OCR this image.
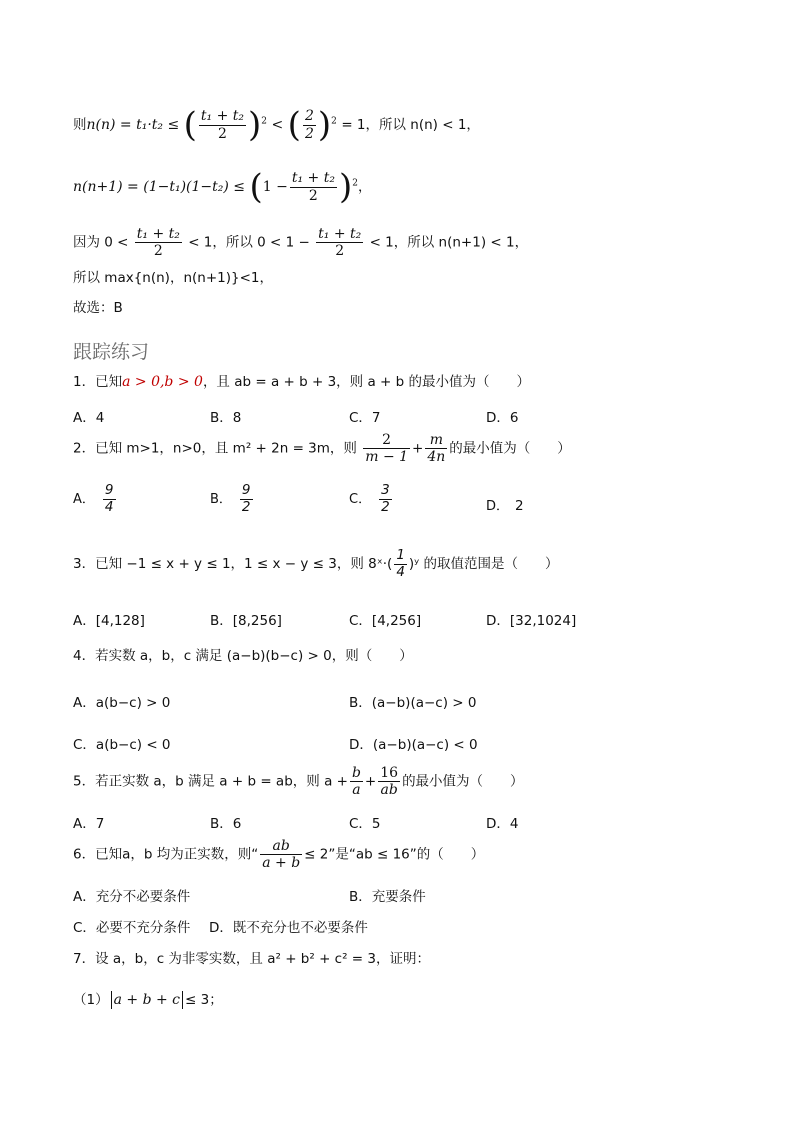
则n(n) = t₁·t₂ ≤ ( $\frac{\text{t₁ + t₂}}{2} )^2$ < ( $\frac{2}{2} )^2 = 1$，所以 n(n) < 1，
$n(n+1) = (1-t_1)(1-t_2) \le (1 - \frac{\text{t₁ + t₂}}{2} )^2$，
因为 $0 < \frac{\text{t₁ + t₂}}{2} < 1$，所以 $0 < 1 - \frac{\text{t₁ + t₂}}{2} < 1$，所以 n(n+1) < 1，
所以 max{n(n)，n(n+1)}<1，
故选：B
跟踪练习
1．已知a > 0,b > 0，且 ab = a + b + 3，则 a + b 的最小值为（　　）
A．4	B．8	C．7	D．6
2．已知 m>1，n>0，且 m² + 2n = 3m，则 $\frac{2}{m - 1} + \frac{m}{4n}$ 的最小值为（　　）
A． $\frac{9}{4}$	B． $\frac{9}{2}$	C． $\frac{3}{2}$	D． 2
3．已知 −1 ≤ x + y ≤ 1，1 ≤ x − y ≤ 3，则 8ˣ·( $\frac{1}{4}$ )ʸ 的取值范围是（　　）
A．[4,128]	B．[8,256]	C．[4,256]	D．[32,1024]
4．若实数 a，b，c 满足 (a−b)(b−c) > 0，则（　　）
A．a(b−c) > 0	B．(a−b)(a−c) > 0
C．a(b−c) < 0	D．(a−b)(a−c) < 0
5．若正实数 a，b 满足 a + b = ab，则 $a + \frac{b}{a} + \frac{16}{ab}$ 的最小值为（　　）
A．7	B．6	C．5	D．4
6．已知a，b 均为正实数，则“ $\frac{ab}{a + b} \le 2$”是“ab ≤ 16”的（　　）
A．充分不必要条件	B．充要条件
C．必要不充分条件 D．既不充分也不必要条件
7．设 a，b，c 为非零实数，且 a² + b² + c² = 3，证明：
（1） a + b + c ≤ 3；
